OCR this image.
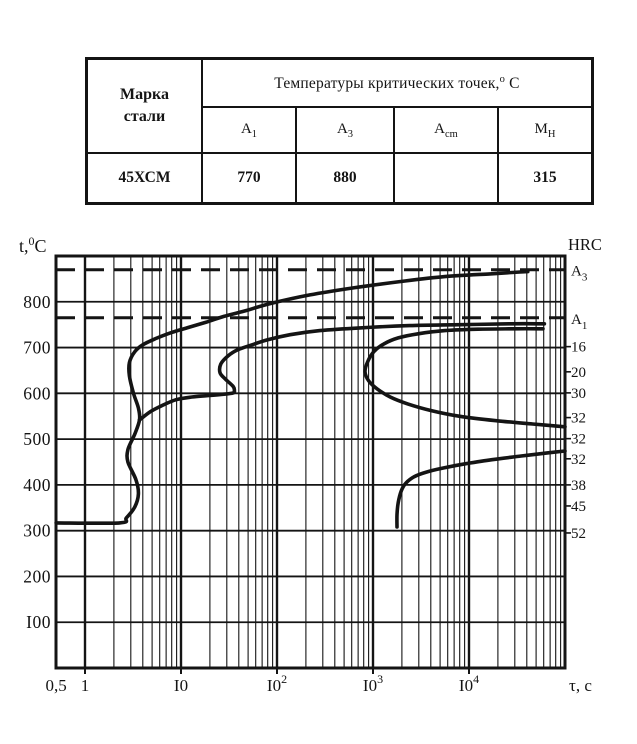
Марка стали	Температуры критических точек,$^о$ С			
	$А_1$	$А_3$	$А_{cm}$	$М_Н$
45ХСМ	770	880		315
0,5 1	I0	$I0^2$	$I0^3$	$I0^4$	τ, с
800
700
600
500
400
300
200
I00
t,$^0$C	HRC
$A_3$
$A_1$
16
20
30
32
32
32
38
45
52
